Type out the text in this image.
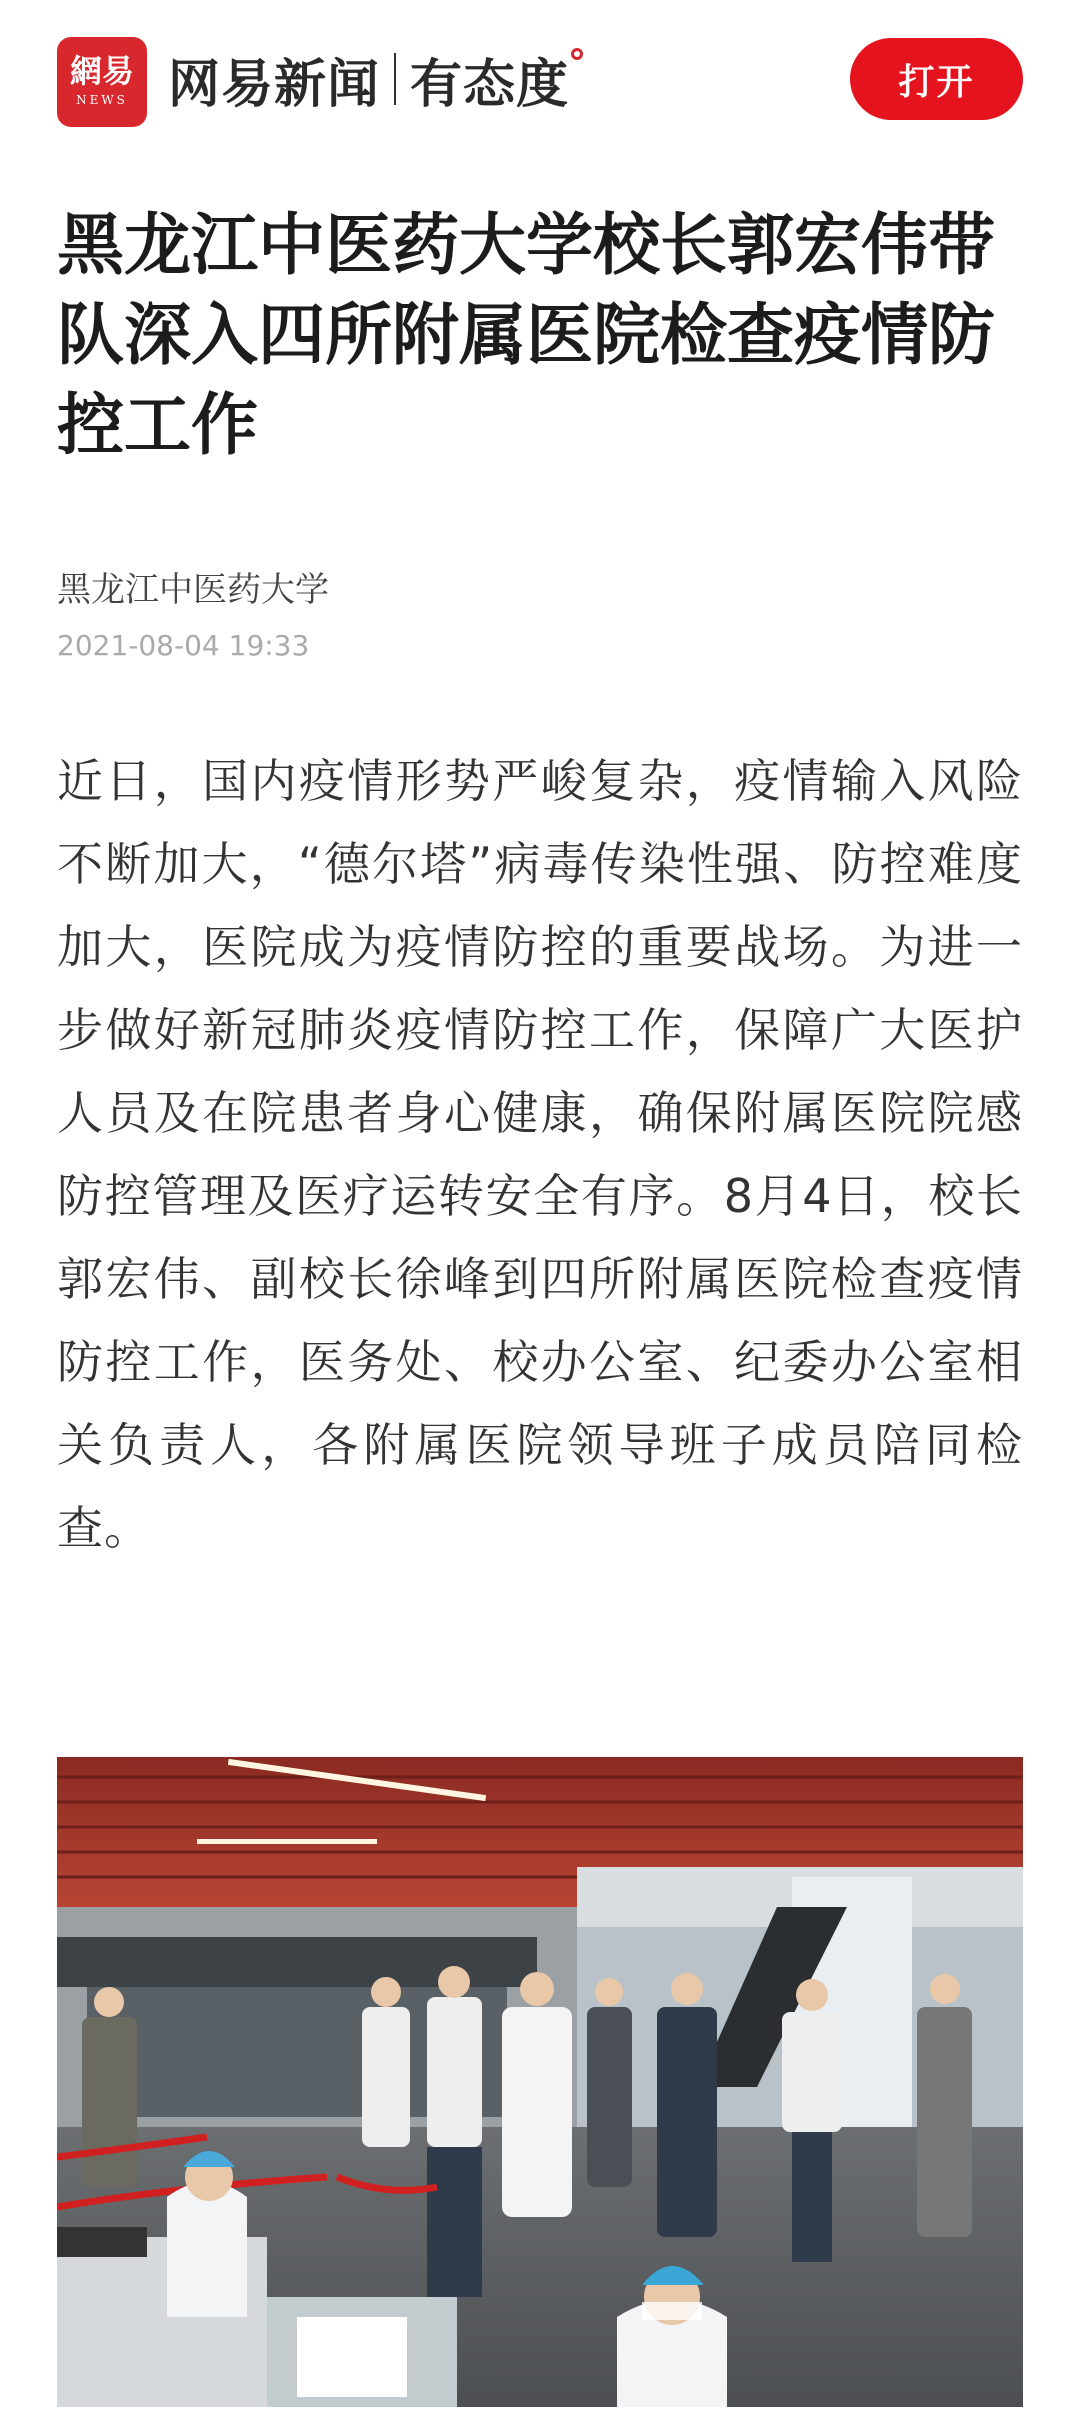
網易
NEWS 网易新闻 有态度	打开
黑龙江中医药大学校长郭宏伟带队深入四所附属医院检查疫情防控工作
黑龙江中医药大学
2021-08-04 19:33

近日，国内疫情形势严峻复杂，疫情输入风险不断加大，“德尔塔”病毒传染性强、防控难度加大，医院成为疫情防控的重要战场。为进一步做好新冠肺炎疫情防控工作，保障广大医护人员及在院患者身心健康，确保附属医院院感防控管理及医疗运转安全有序。8月4日，校长郭宏伟、副校长徐峰到四所附属医院检查疫情防控工作，医务处、校办公室、纪委办公室相关负责人，各附属医院领导班子成员陪同检查。
